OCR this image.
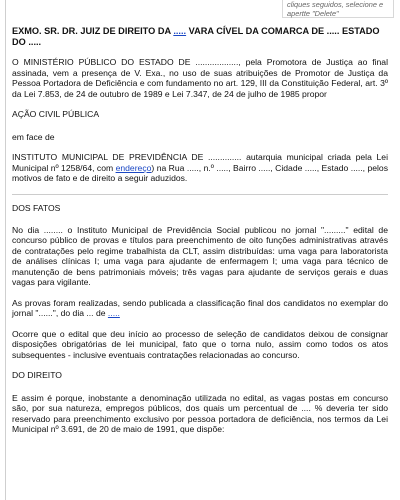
cliques seguidos, selecione e apertte "Delete"
EXMO. SR. DR. JUIZ DE DIREITO DA ..... VARA CÍVEL DA COMARCA DE ..... ESTADO DO .....

O MINISTÉRIO PÚBLICO DO ESTADO DE .................., pela Promotora de Justiça ao final assinada, vem a presença de V. Exa., no uso de suas atribuições de Promotor de Justiça da Pessoa Portadora de Deficiência e com fundamento no art. 129, III da Constituição Federal, art. 3º da Lei 7.853, de 24 de outubro de 1989 e Lei 7.347, de 24 de julho de 1985 propor

AÇÃO CIVIL PÚBLICA
em face de

INSTITUTO MUNICIPAL DE PREVIDÊNCIA DE .............. autarquia municipal criada pela Lei Municipal nº 1258/64, com endereço) na Rua ....., n.º ....., Bairro ....., Cidade ....., Estado ....., pelos motivos de fato e de direito a seguir aduzidos.

DOS FATOS

No dia ........ o Instituto Municipal de Previdência Social publicou no jornal "........." edital de concurso público de provas e títulos para preenchimento de oito funções administrativas através de contratações pelo regime trabalhista da CLT, assim distribuídas: uma vaga para laboratorista de análises clínicas I; uma vaga para ajudante de enfermagem I; uma vaga para técnico de manutenção de bens patrimoniais móveis; três vagas para ajudante de serviços gerais e duas vagas para vigilante.

As provas foram realizadas, sendo publicada a classificação final dos candidatos no exemplar do jornal "......", do dia ... de .....

Ocorre que o edital que deu início ao processo de seleção de candidatos deixou de consignar disposições obrigatórias de lei municipal, fato que o torna nulo, assim como todos os atos subsequentes - inclusive eventuais contratações relacionadas ao concurso.

DO DIREITO

E assim é porque, inobstante a denominação utilizada no edital, as vagas postas em concurso são, por sua natureza, empregos públicos, dos quais um percentual de .... % deveria ter sido reservado para preenchimento exclusivo por pessoa portadora de deficiência, nos termos da Lei Municipal nº 3.691, de 20 de maio de 1991, que dispõe:
